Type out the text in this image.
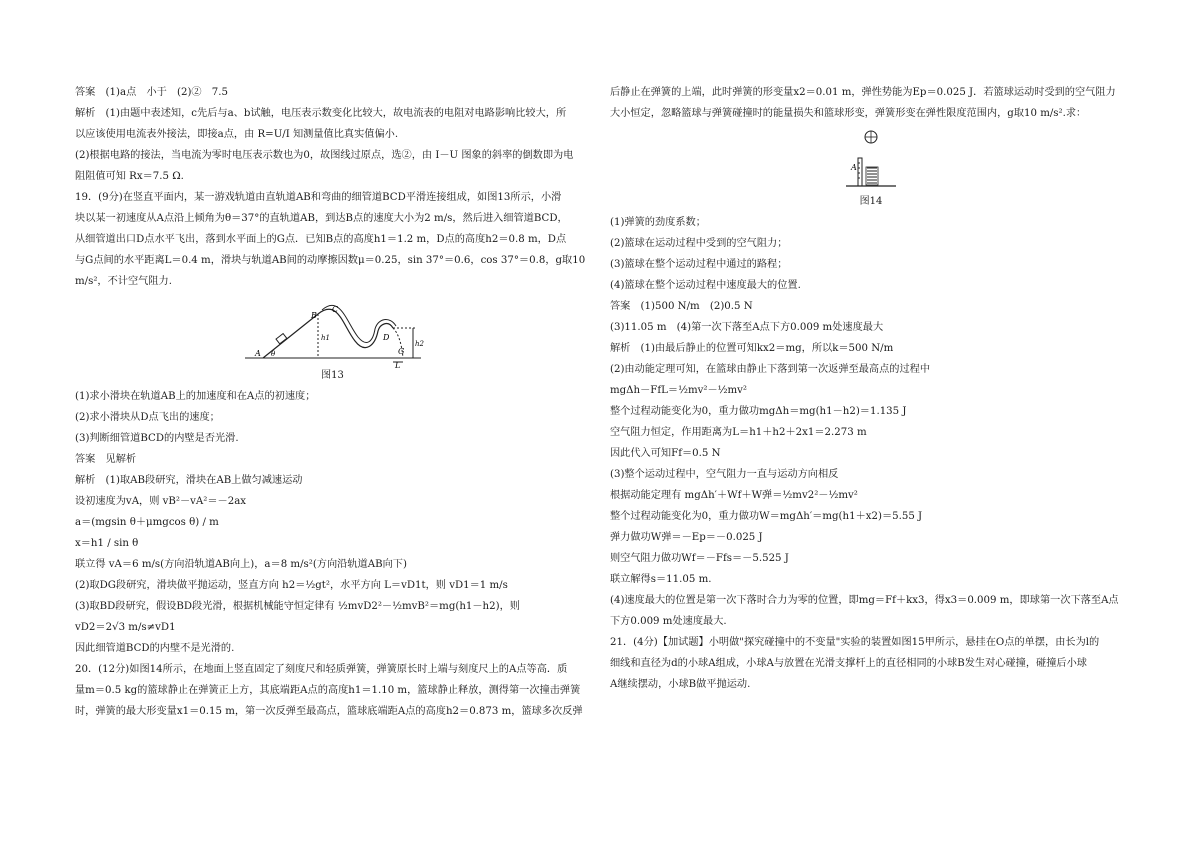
答案　(1)a点　小于　(2)②　7.5

解析　(1)由题中表述知，c先后与a、b试触，电压表示数变化比较大，故电流表的电阻对电路影响比较大，所

以应该使用电流表外接法，即接a点，由 R=U/I 知测量值比真实值偏小.

(2)根据电路的接法，当电流为零时电压表示数也为0，故图线过原点，选②，由 I－U 图象的斜率的倒数即为电

阻阻值可知 Rx＝7.5 Ω.

19．(9分)在竖直平面内，某一游戏轨道由直轨道AB和弯曲的细管道BCD平滑连接组成，如图13所示，小滑

块以某一初速度从A点沿上倾角为θ＝37°的直轨道AB，到达B点的速度大小为2 m/s，然后进入细管道BCD，

从细管道出口D点水平飞出，落到水平面上的G点．已知B点的高度h1＝1.2 m，D点的高度h2＝0.8 m，D点

与G点间的水平距离L＝0.4 m，滑块与轨道AB间的动摩擦因数μ＝0.25，sin 37°＝0.6，cos 37°＝0.8，g取10

m/s²，不计空气阻力.

A
B
C
D
G
L
h1
h2
θ
图13

(1)求小滑块在轨道AB上的加速度和在A点的初速度；

(2)求小滑块从D点飞出的速度；

(3)判断细管道BCD的内壁是否光滑.

答案　见解析

解析　(1)取AB段研究，滑块在AB上做匀减速运动

设初速度为vA，则 vB²－vA²＝－2ax

a＝(mgsin θ＋μmgcos θ) / m

x＝h1 / sin θ

联立得 vA＝6 m/s(方向沿轨道AB向上)，a＝8 m/s²(方向沿轨道AB向下)

(2)取DG段研究，滑块做平抛运动，竖直方向 h2＝½gt²，水平方向 L＝vD1t，则 vD1＝1 m/s

(3)取BD段研究，假设BD段光滑，根据机械能守恒定律有 ½mvD2²－½mvB²＝mg(h1－h2)，则

vD2＝2√3 m/s≠vD1

因此细管道BCD的内壁不是光滑的.

20．(12分)如图14所示，在地面上竖直固定了刻度尺和轻质弹簧，弹簧原长时上端与刻度尺上的A点等高．质

量m＝0.5 kg的篮球静止在弹簧正上方，其底端距A点的高度h1＝1.10 m，篮球静止释放，测得第一次撞击弹簧

时，弹簧的最大形变量x1＝0.15 m，第一次反弹至最高点，篮球底端距A点的高度h2＝0.873 m，篮球多次反弹

后静止在弹簧的上端，此时弹簧的形变量x2＝0.01 m，弹性势能为Ep＝0.025 J．若篮球运动时受到的空气阻力

大小恒定，忽略篮球与弹簧碰撞时的能量损失和篮球形变，弹簧形变在弹性限度范围内，g取10 m/s².求：

A
图14

(1)弹簧的劲度系数；

(2)篮球在运动过程中受到的空气阻力；

(3)篮球在整个运动过程中通过的路程；

(4)篮球在整个运动过程中速度最大的位置.

答案　(1)500 N/m　(2)0.5 N

(3)11.05 m　(4)第一次下落至A点下方0.009 m处速度最大

解析　(1)由最后静止的位置可知kx2＝mg，所以k＝500 N/m

(2)由动能定理可知，在篮球由静止下落到第一次返弹至最高点的过程中

mgΔh－FfL＝½mv²－½mv²

整个过程动能变化为0，重力做功mgΔh＝mg(h1－h2)＝1.135 J

空气阻力恒定，作用距离为L＝h1＋h2＋2x1＝2.273 m

因此代入可知Ff＝0.5 N

(3)整个运动过程中，空气阻力一直与运动方向相反

根据动能定理有 mgΔh′＋Wf＋W弹＝½mv2²－½mv²

整个过程动能变化为0，重力做功W＝mgΔh′＝mg(h1＋x2)＝5.55 J

弹力做功W弹＝－Ep＝－0.025 J

则空气阻力做功Wf＝－Ffs＝－5.525 J

联立解得s＝11.05 m.

(4)速度最大的位置是第一次下落时合力为零的位置，即mg＝Ff＋kx3，得x3＝0.009 m，即球第一次下落至A点

下方0.009 m处速度最大.

21．(4分)【加试题】小明做"探究碰撞中的不变量"实验的装置如图15甲所示，悬挂在O点的单摆，由长为l的

细线和直径为d的小球A组成，小球A与放置在光滑支撑杆上的直径相同的小球B发生对心碰撞，碰撞后小球

A继续摆动，小球B做平抛运动.
